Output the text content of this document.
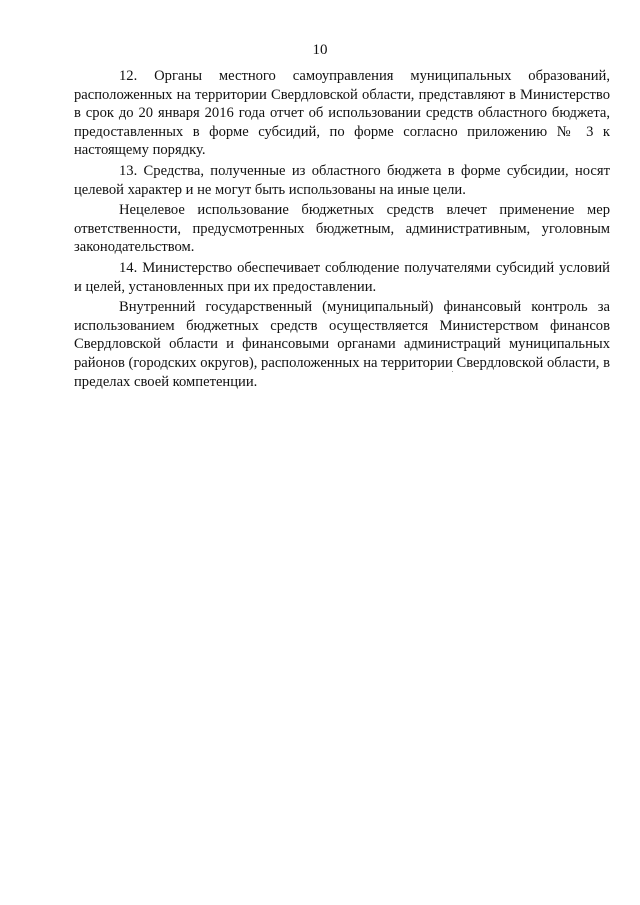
10

12. Органы местного самоуправления муниципальных образований, расположенных на территории Свердловской области, представляют в Министерство в срок до 20 января 2016 года отчет об использовании средств областного бюджета, предоставленных в форме субсидий, по форме согласно приложению № 3 к настоящему порядку.

13. Средства, полученные из областного бюджета в форме субсидии, носят целевой характер и не могут быть использованы на иные цели.

Нецелевое использование бюджетных средств влечет применение мер ответственности, предусмотренных бюджетным, административным, уголовным законодательством.

14. Министерство обеспечивает соблюдение получателями субсидий условий и целей, установленных при их предоставлении.

Внутренний государственный (муниципальный) финансовый контроль за использованием бюджетных средств осуществляется Министерством финансов Свердловской области и финансовыми органами администраций муниципальных районов (городских округов), расположенных на территории Свердловской области, в пределах своей компетенции.
